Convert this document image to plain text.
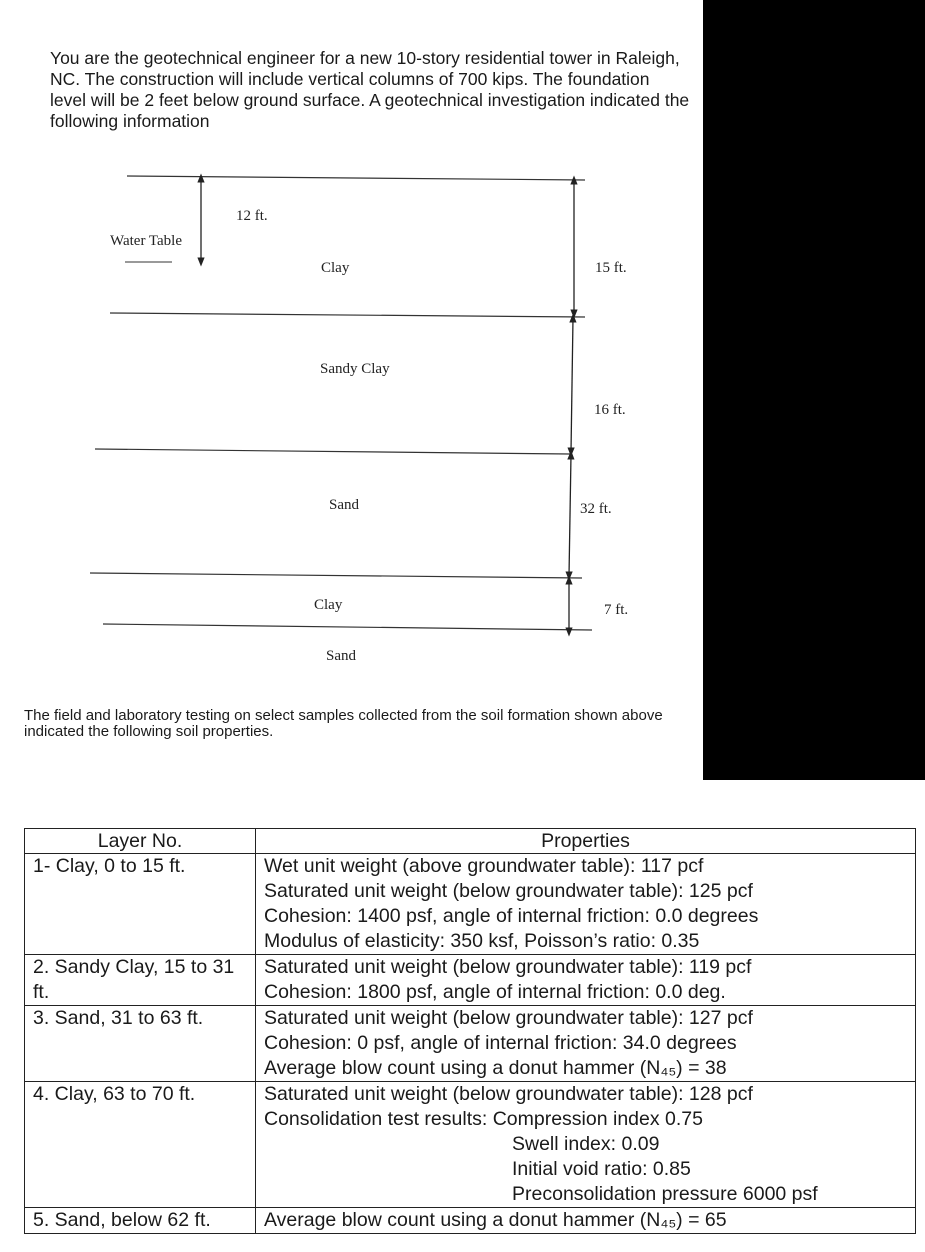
You are the geotechnical engineer for a new 10-story residential tower in Raleigh, NC. The construction will include vertical columns of 700 kips. The foundation level will be 2 feet below ground surface. A geotechnical investigation indicated the following information

12 ft.
Water Table
Clay	15 ft.
Sandy Clay
16 ft.
Sand	32 ft.
Clay	7 ft.
Sand

The field and laboratory testing on select samples collected from the soil formation shown above indicated the following soil properties.

Layer No.	Properties
1- Clay, 0 to 15 ft.	Wet unit weight (above groundwater table): 117 pcf
Saturated unit weight (below groundwater table): 125 pcf
Cohesion: 1400 psf, angle of internal friction: 0.0 degrees
Modulus of elasticity: 350 ksf, Poisson’s ratio: 0.35

2. Sandy Clay, 15 to 31 ft.	Saturated unit weight (below groundwater table): 119 pcf
Cohesion: 1800 psf, angle of internal friction: 0.0 deg.

3. Sand, 31 to 63 ft.	Saturated unit weight (below groundwater table): 127 pcf
Cohesion: 0 psf, angle of internal friction: 34.0 degrees
Average blow count using a donut hammer (N₄₅) = 38

4. Clay, 63 to 70 ft.	Saturated unit weight (below groundwater table): 128 pcf
Consolidation test results: Compression index 0.75
Swell index: 0.09
Initial void ratio: 0.85
Preconsolidation pressure 6000 psf

5. Sand, below 62 ft.	Average blow count using a donut hammer (N₄₅) = 65
